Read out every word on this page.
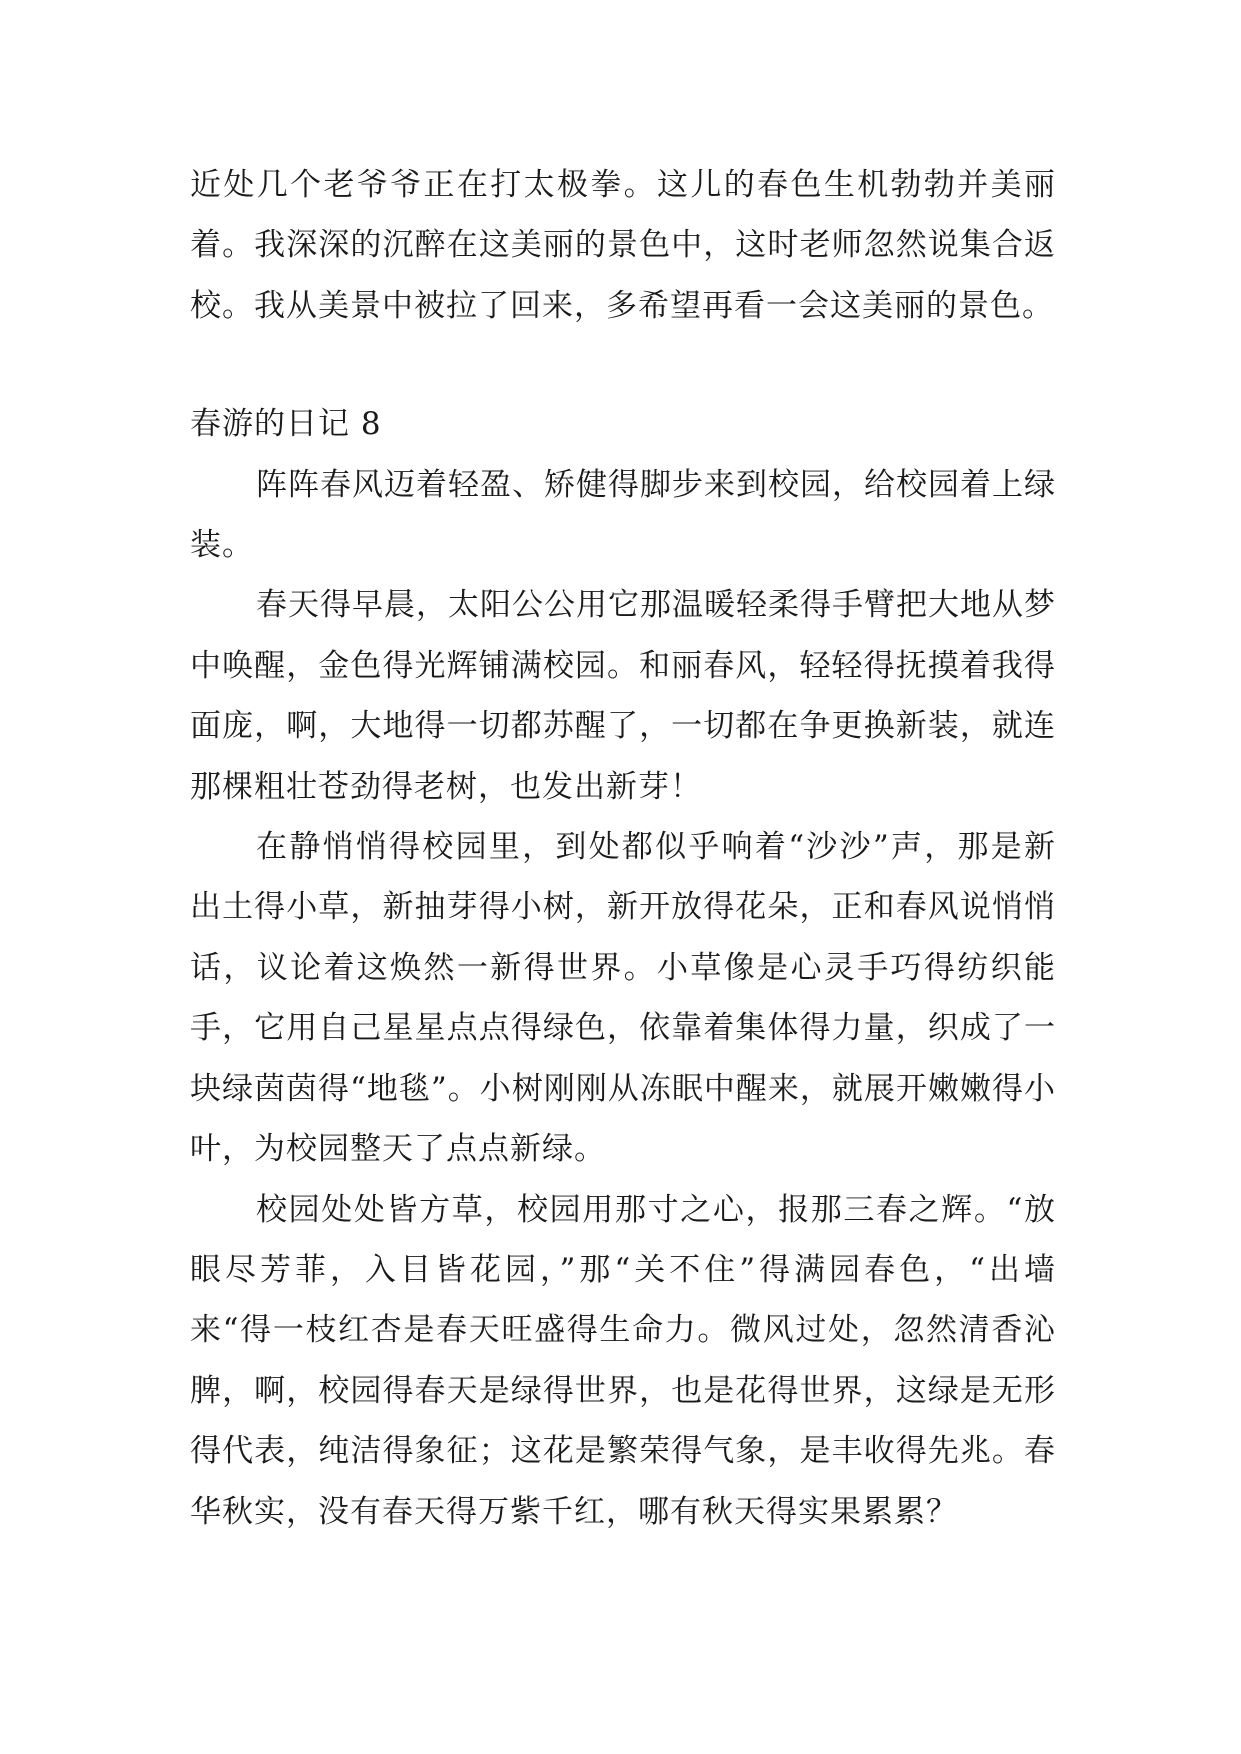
近处几个老爷爷正在打太极拳。这儿的春色生机勃勃并美丽着。我深深的沉醉在这美丽的景色中，这时老师忽然说集合返校。我从美景中被拉了回来，多希望再看一会这美丽的景色。

春游的日记 8

阵阵春风迈着轻盈、矫健得脚步来到校园，给校园着上绿装。

春天得早晨，太阳公公用它那温暖轻柔得手臂把大地从梦中唤醒，金色得光辉铺满校园。和丽春风，轻轻得抚摸着我得面庞，啊，大地得一切都苏醒了，一切都在争更换新装，就连那棵粗壮苍劲得老树，也发出新芽！

在静悄悄得校园里，到处都似乎响着“沙沙”声，那是新出土得小草，新抽芽得小树，新开放得花朵，正和春风说悄悄话，议论着这焕然一新得世界。小草像是心灵手巧得纺织能手，它用自己星星点点得绿色，依靠着集体得力量，织成了一块绿茵茵得“地毯”。小树刚刚从冻眠中醒来，就展开嫩嫩得小叶，为校园整天了点点新绿。

校园处处皆方草，校园用那寸之心，报那三春之辉。“放眼尽芳菲，入目皆花园，”那“关不住”得满园春色，“出墙来“得一枝红杏是春天旺盛得生命力。微风过处，忽然清香沁脾，啊，校园得春天是绿得世界，也是花得世界，这绿是无形得代表，纯洁得象征；这花是繁荣得气象，是丰收得先兆。春华秋实，没有春天得万紫千红，哪有秋天得实果累累？
